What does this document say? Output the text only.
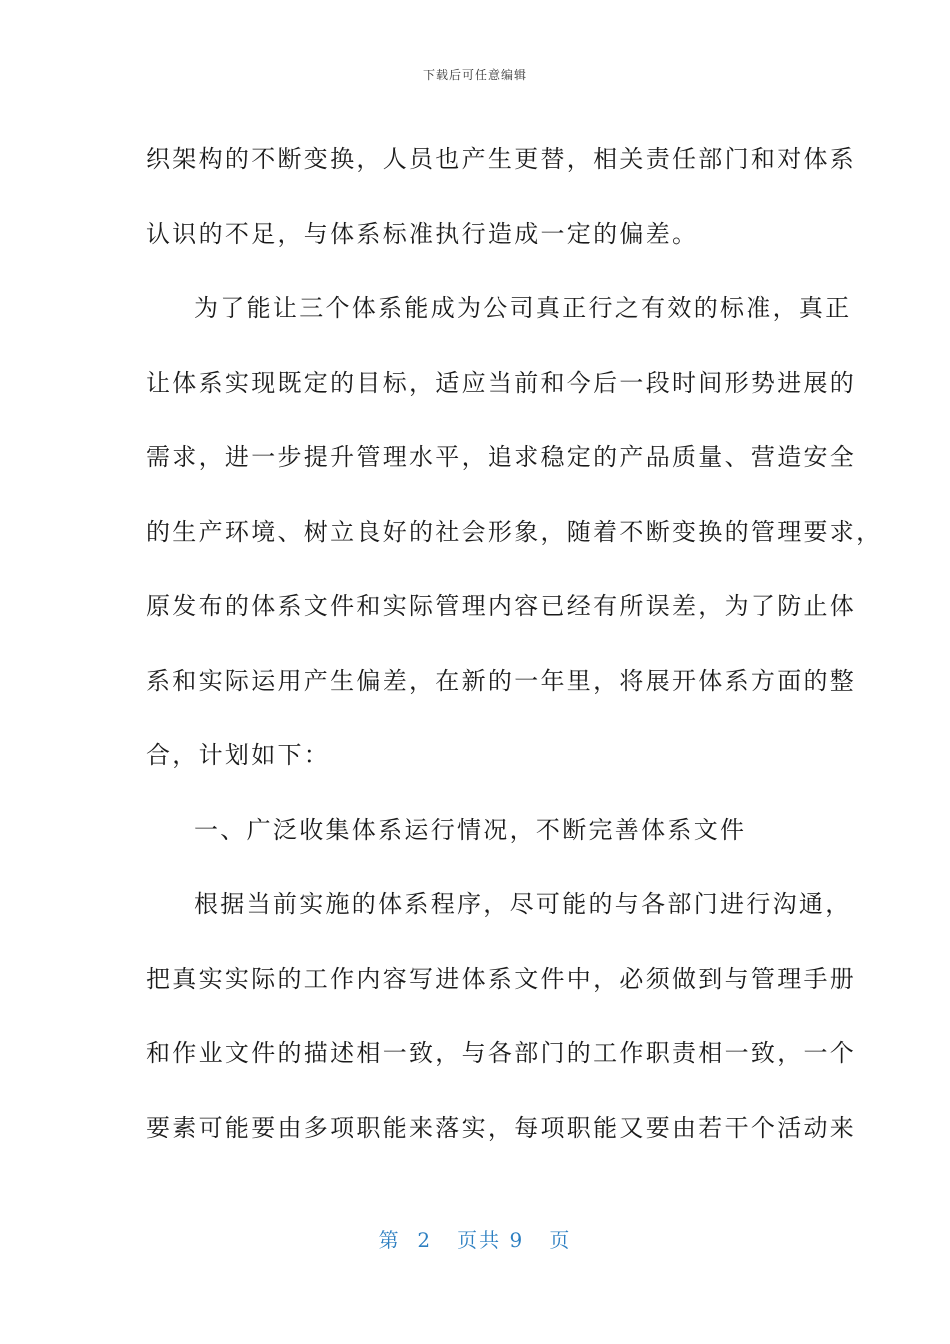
下载后可任意编辑
织架构的不断变换，人员也产生更替，相关责任部门和对体系
认识的不足，与体系标准执行造成一定的偏差。
为了能让三个体系能成为公司真正行之有效的标准，真正
让体系实现既定的目标，适应当前和今后一段时间形势进展的
需求，进一步提升管理水平，追求稳定的产品质量、营造安全
的生产环境、树立良好的社会形象，随着不断变换的管理要求，
原发布的体系文件和实际管理内容已经有所误差，为了防止体
系和实际运用产生偏差，在新的一年里，将展开体系方面的整
合，计划如下：
一、广泛收集体系运行情况，不断完善体系文件
根据当前实施的体系程序，尽可能的与各部门进行沟通，
把真实实际的工作内容写进体系文件中，必须做到与管理手册
和作业文件的描述相一致，与各部门的工作职责相一致，一个
要素可能要由多项职能来落实，每项职能又要由若干个活动来
第 2 页共 9 页
